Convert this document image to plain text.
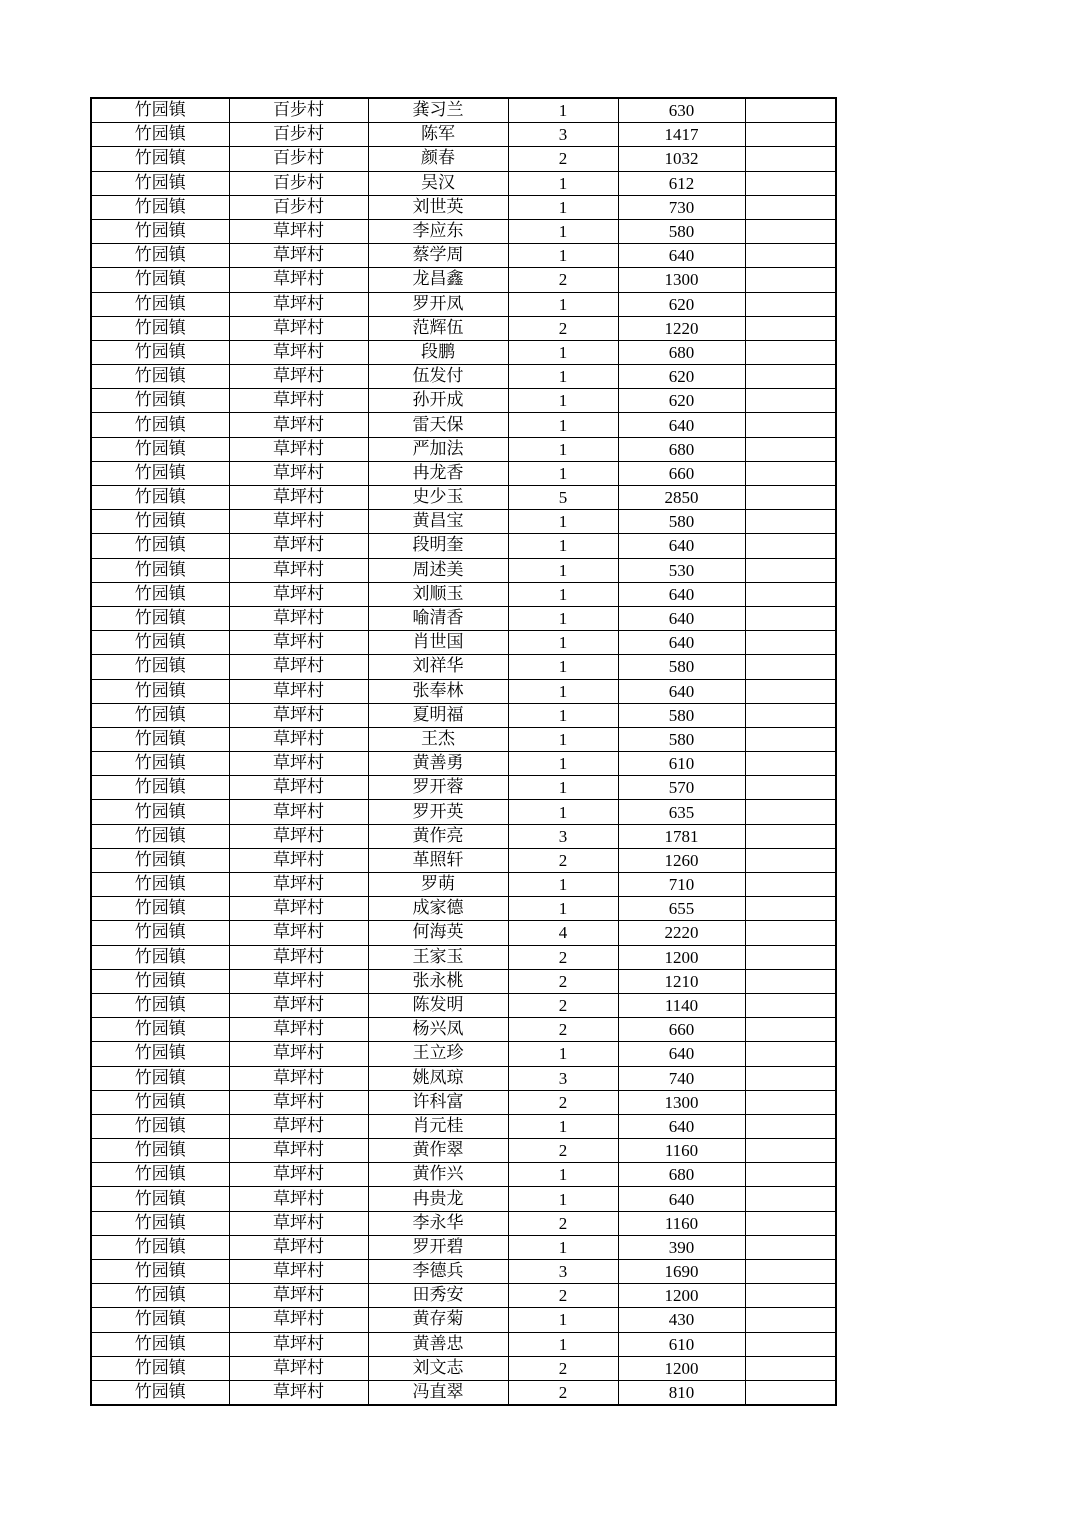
竹园镇	百步村	龚习兰	1	630	
竹园镇	百步村	陈军	3	1417	
竹园镇	百步村	颜春	2	1032	
竹园镇	百步村	吴汉	1	612	
竹园镇	百步村	刘世英	1	730	
竹园镇	草坪村	李应东	1	580	
竹园镇	草坪村	蔡学周	1	640	
竹园镇	草坪村	龙昌鑫	2	1300	
竹园镇	草坪村	罗开凤	1	620	
竹园镇	草坪村	范辉伍	2	1220	
竹园镇	草坪村	段鹏	1	680	
竹园镇	草坪村	伍发付	1	620	
竹园镇	草坪村	孙开成	1	620	
竹园镇	草坪村	雷天保	1	640	
竹园镇	草坪村	严加法	1	680	
竹园镇	草坪村	冉龙香	1	660	
竹园镇	草坪村	史少玉	5	2850	
竹园镇	草坪村	黄昌宝	1	580	
竹园镇	草坪村	段明奎	1	640	
竹园镇	草坪村	周述美	1	530	
竹园镇	草坪村	刘顺玉	1	640	
竹园镇	草坪村	喻清香	1	640	
竹园镇	草坪村	肖世国	1	640	
竹园镇	草坪村	刘祥华	1	580	
竹园镇	草坪村	张奉林	1	640	
竹园镇	草坪村	夏明福	1	580	
竹园镇	草坪村	王杰	1	580	
竹园镇	草坪村	黄善勇	1	610	
竹园镇	草坪村	罗开蓉	1	570	
竹园镇	草坪村	罗开英	1	635	
竹园镇	草坪村	黄作亮	3	1781	
竹园镇	草坪村	革照轩	2	1260	
竹园镇	草坪村	罗萌	1	710	
竹园镇	草坪村	成家德	1	655	
竹园镇	草坪村	何海英	4	2220	
竹园镇	草坪村	王家玉	2	1200	
竹园镇	草坪村	张永桃	2	1210	
竹园镇	草坪村	陈发明	2	1140	
竹园镇	草坪村	杨兴凤	2	660	
竹园镇	草坪村	王立珍	1	640	
竹园镇	草坪村	姚凤琼	3	740	
竹园镇	草坪村	许科富	2	1300	
竹园镇	草坪村	肖元桂	1	640	
竹园镇	草坪村	黄作翠	2	1160	
竹园镇	草坪村	黄作兴	1	680	
竹园镇	草坪村	冉贵龙	1	640	
竹园镇	草坪村	李永华	2	1160	
竹园镇	草坪村	罗开碧	1	390	
竹园镇	草坪村	李德兵	3	1690	
竹园镇	草坪村	田秀安	2	1200	
竹园镇	草坪村	黄存菊	1	430	
竹园镇	草坪村	黄善忠	1	610	
竹园镇	草坪村	刘文志	2	1200	
竹园镇	草坪村	冯直翠	2	810	
